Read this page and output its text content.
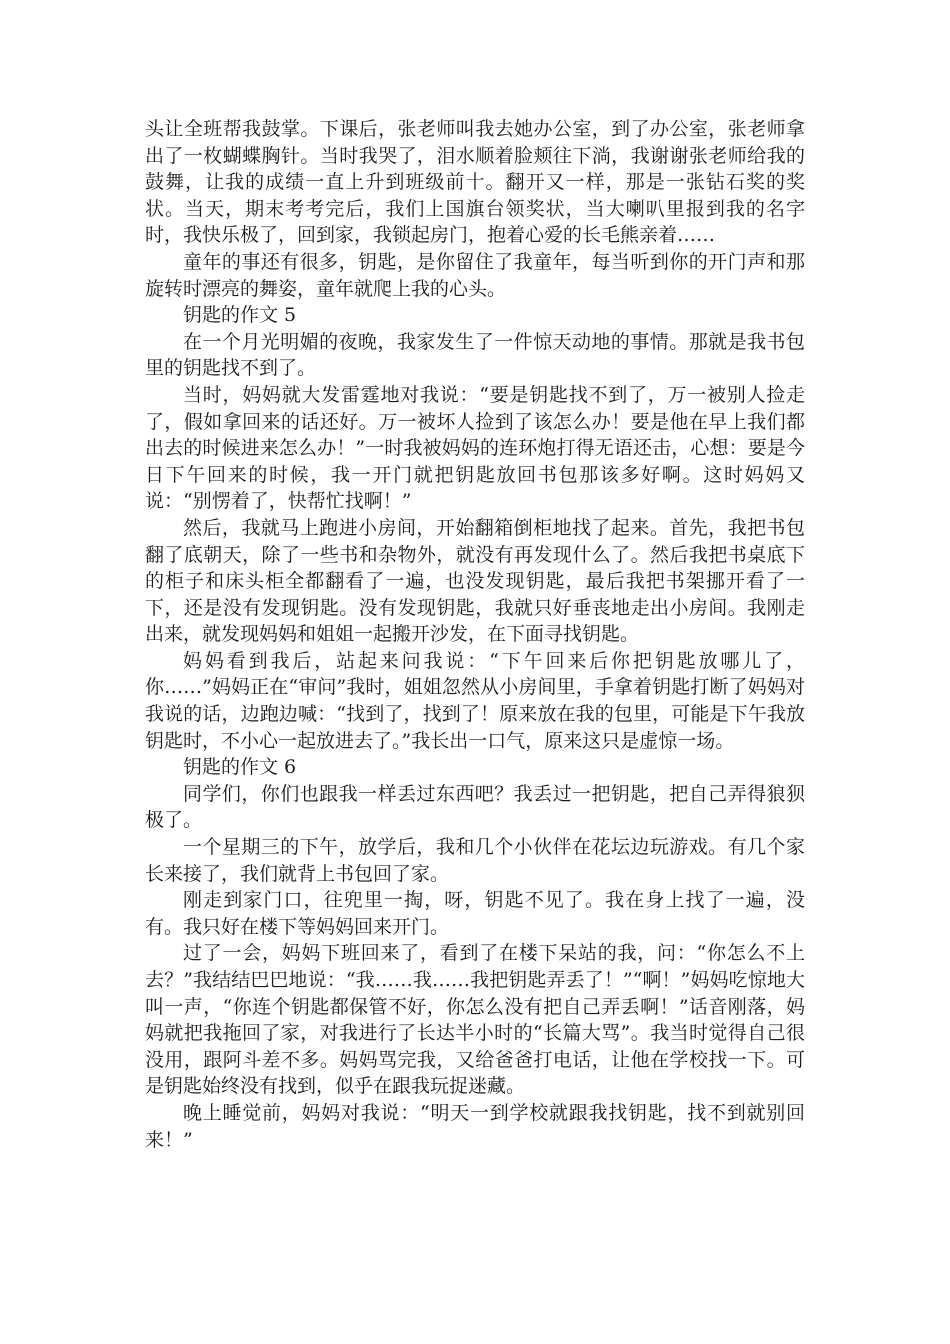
头让全班帮我鼓掌。下课后，张老师叫我去她办公室，到了办公室，张老师拿出了一枚蝴蝶胸针。当时我哭了，泪水顺着脸颊往下淌，我谢谢张老师给我的鼓舞，让我的成绩一直上升到班级前十。翻开又一样，那是一张钻石奖的奖状。当天，期末考考完后，我们上国旗台领奖状，当大喇叭里报到我的名字时，我快乐极了，回到家，我锁起房门，抱着心爱的长毛熊亲着……

童年的事还有很多，钥匙，是你留住了我童年，每当听到你的开门声和那旋转时漂亮的舞姿，童年就爬上我的心头。

钥匙的作文 5

在一个月光明媚的夜晚，我家发生了一件惊天动地的事情。那就是我书包里的钥匙找不到了。

当时，妈妈就大发雷霆地对我说：“要是钥匙找不到了，万一被别人捡走了，假如拿回来的话还好。万一被坏人捡到了该怎么办！要是他在早上我们都出去的时候进来怎么办！”一时我被妈妈的连环炮打得无语还击，心想：要是今日下午回来的时候，我一开门就把钥匙放回书包那该多好啊。这时妈妈又说：“别愣着了，快帮忙找啊！”

然后，我就马上跑进小房间，开始翻箱倒柜地找了起来。首先，我把书包翻了底朝天，除了一些书和杂物外，就没有再发现什么了。然后我把书桌底下的柜子和床头柜全都翻看了一遍，也没发现钥匙，最后我把书架挪开看了一下，还是没有发现钥匙。没有发现钥匙，我就只好垂丧地走出小房间。我刚走出来，就发现妈妈和姐姐一起搬开沙发，在下面寻找钥匙。

妈妈看到我后，站起来问我说：“下午回来后你把钥匙放哪儿了，你……”妈妈正在“审问”我时，姐姐忽然从小房间里，手拿着钥匙打断了妈妈对我说的话，边跑边喊：“找到了，找到了！原来放在我的包里，可能是下午我放钥匙时，不小心一起放进去了。”我长出一口气，原来这只是虚惊一场。

钥匙的作文 6

同学们，你们也跟我一样丢过东西吧？我丢过一把钥匙，把自己弄得狼狈极了。

一个星期三的下午，放学后，我和几个小伙伴在花坛边玩游戏。有几个家长来接了，我们就背上书包回了家。

刚走到家门口，往兜里一掏，呀，钥匙不见了。我在身上找了一遍，没有。我只好在楼下等妈妈回来开门。

过了一会，妈妈下班回来了，看到了在楼下呆站的我，问：“你怎么不上去？”我结结巴巴地说：“我……我……我把钥匙弄丢了！”“啊！”妈妈吃惊地大叫一声，“你连个钥匙都保管不好，你怎么没有把自己弄丢啊！”话音刚落，妈妈就把我拖回了家，对我进行了长达半小时的“长篇大骂”。我当时觉得自己很没用，跟阿斗差不多。妈妈骂完我，又给爸爸打电话，让他在学校找一下。可是钥匙始终没有找到，似乎在跟我玩捉迷藏。

晚上睡觉前，妈妈对我说：“明天一到学校就跟我找钥匙，找不到就别回来！”
